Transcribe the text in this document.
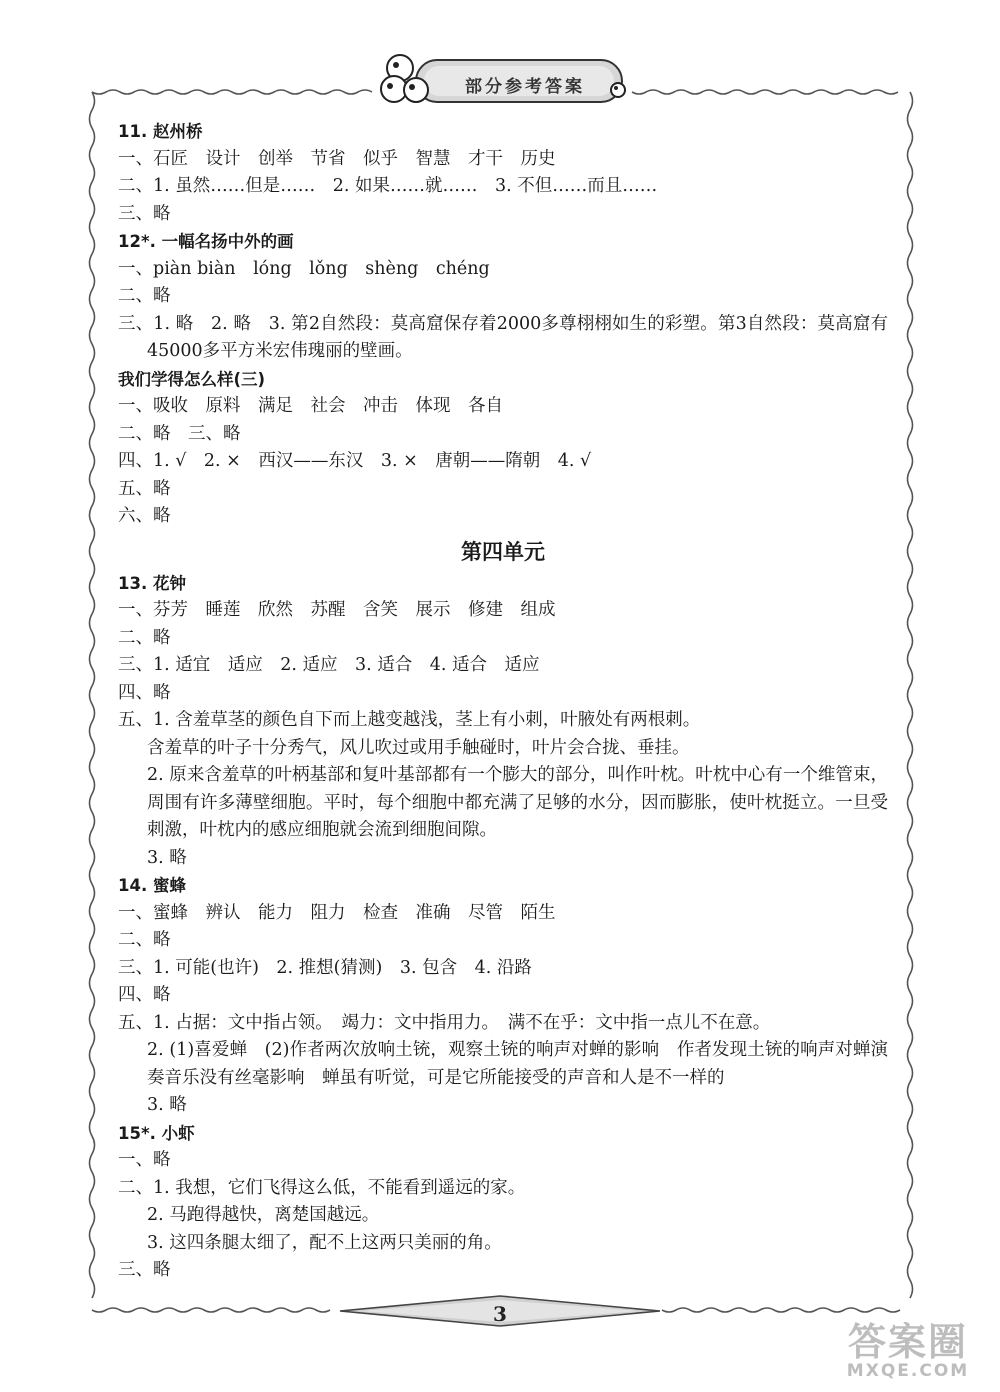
部分参考答案
11. 赵州桥
一、石匠　设计　创举　节省　似乎　智慧　才干　历史
二、1. 虽然……但是……　2. 如果……就……　3. 不但……而且……
三、略
12*. 一幅名扬中外的画
一、piàn biàn　lóng　lǒng　shèng　chéng
二、略
三、1. 略　2. 略　3. 第2自然段：莫高窟保存着2000多尊栩栩如生的彩塑。第3自然段：莫高窟有45000多平方米宏伟瑰丽的壁画。
我们学得怎么样(三)
一、吸收　原料　满足　社会　冲击　体现　各自
二、略　三、略
四、1. √　2. ×　西汉——东汉　3. ×　唐朝——隋朝　4. √
五、略
六、略
第四单元
13. 花钟
一、芬芳　睡莲　欣然　苏醒　含笑　展示　修建　组成
二、略
三、1. 适宜　适应　2. 适应　3. 适合　4. 适合　适应
四、略
五、1. 含羞草茎的颜色自下而上越变越浅，茎上有小刺，叶腋处有两根刺。
含羞草的叶子十分秀气，风儿吹过或用手触碰时，叶片会合拢、垂挂。
2. 原来含羞草的叶柄基部和复叶基部都有一个膨大的部分，叫作叶枕。叶枕中心有一个维管束，周围有许多薄壁细胞。平时，每个细胞中都充满了足够的水分，因而膨胀，使叶枕挺立。一旦受刺激，叶枕内的感应细胞就会流到细胞间隙。
3. 略
14. 蜜蜂
一、蜜蜂　辨认　能力　阻力　检查　准确　尽管　陌生
二、略
三、1. 可能(也许)　2. 推想(猜测)　3. 包含　4. 沿路
四、略
五、1. 占据：文中指占领。　竭力：文中指用力。　满不在乎：文中指一点儿不在意。
2. (1)喜爱蝉　(2)作者两次放响土铳，观察土铳的响声对蝉的影响　作者发现土铳的响声对蝉演奏音乐没有丝毫影响　蝉虽有听觉，可是它所能接受的声音和人是不一样的
3. 略
15*. 小虾
一、略
二、1. 我想，它们飞得这么低，不能看到遥远的家。
2. 马跑得越快，离楚国越远。
3. 这四条腿太细了，配不上这两只美丽的角。
三、略
3
答案圈
MXQE.COM
